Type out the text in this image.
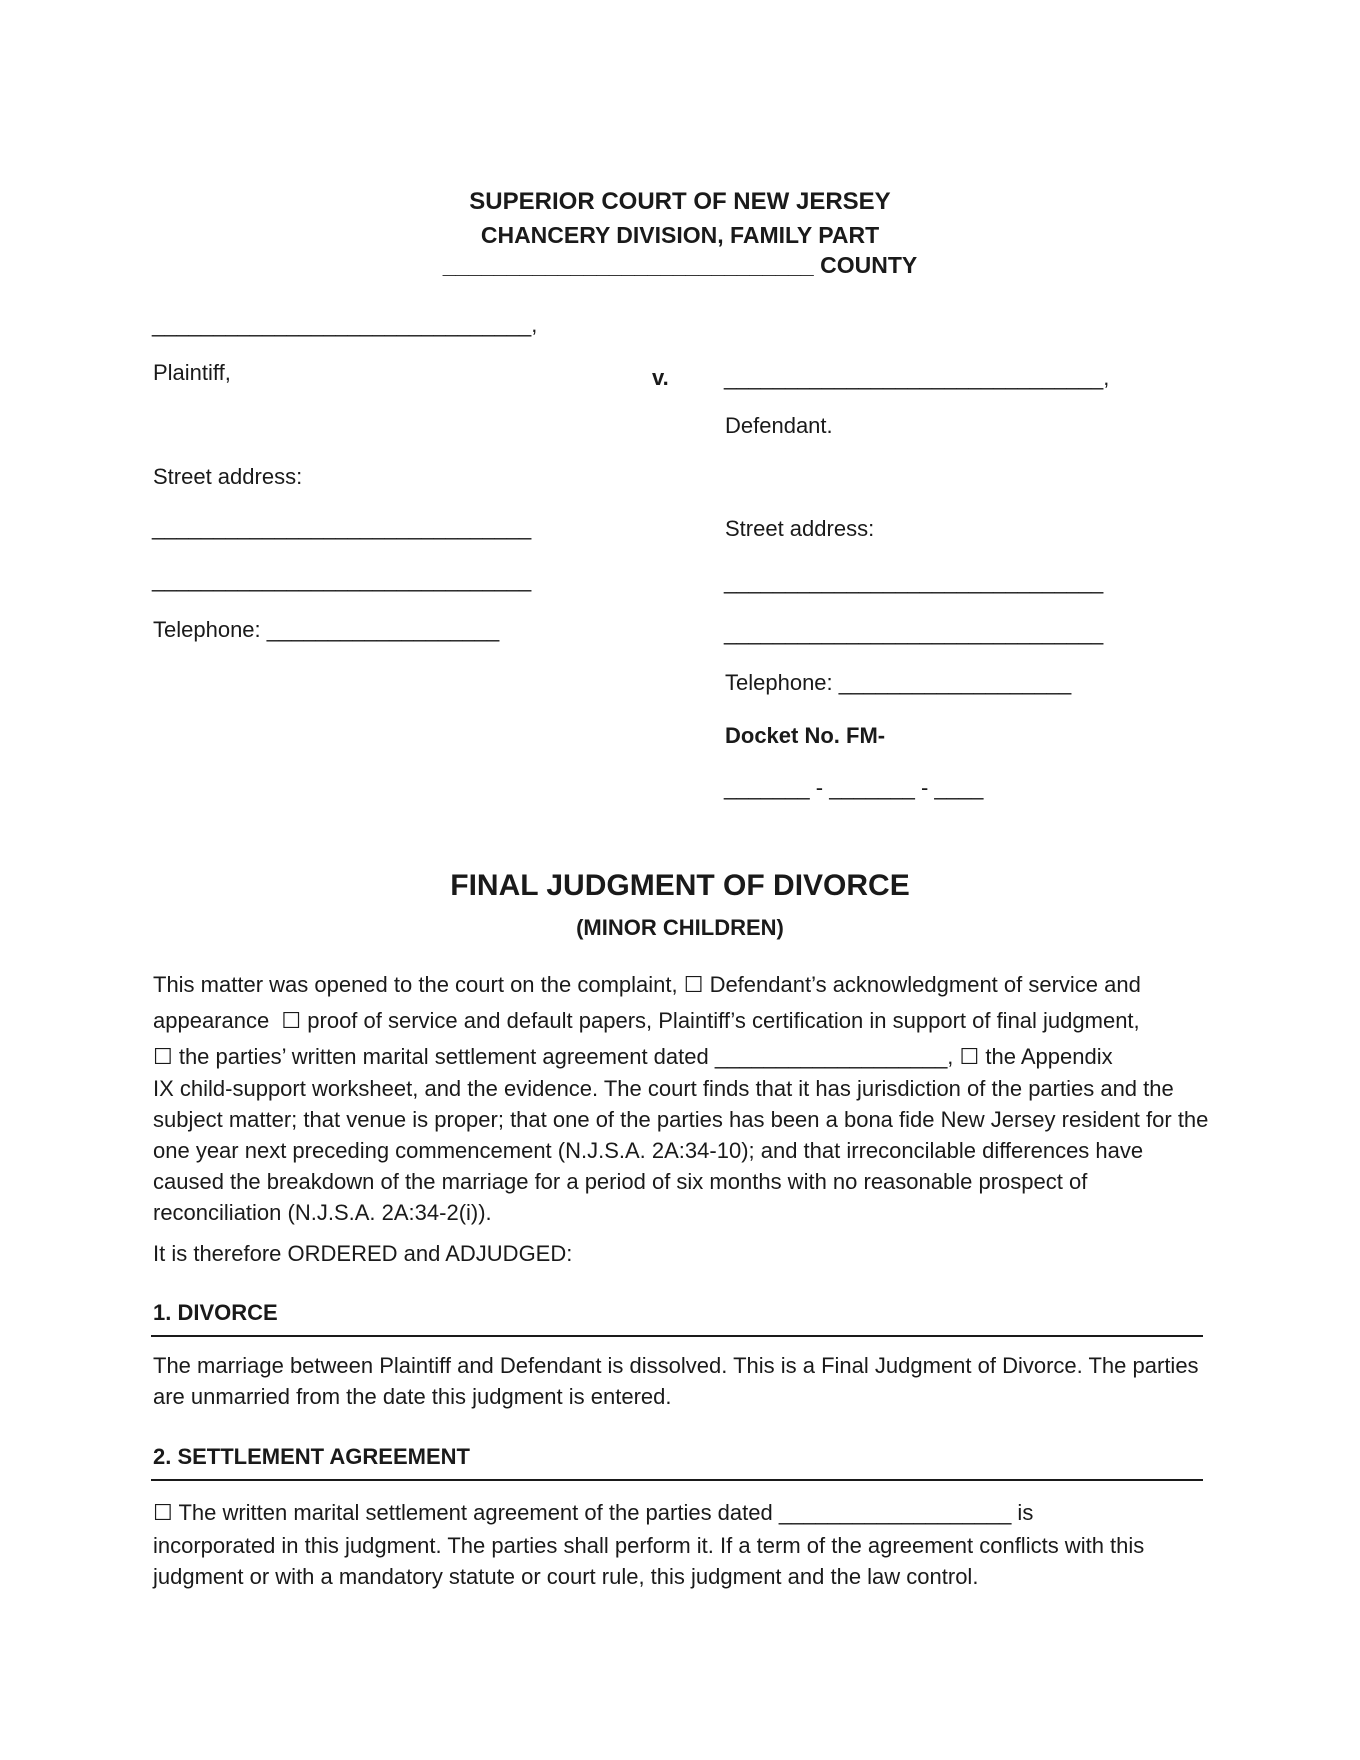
SUPERIOR COURT OF NEW JERSEY
CHANCERY DIVISION, FAMILY PART
_____________________________ COUNTY
_______________________________,
Plaintiff,
Street address:
_______________________________
_______________________________
Telephone: ___________________
v.	_______________________________,
Defendant.
Street address:
_______________________________
_______________________________
Telephone: ___________________
Docket No. FM-
_______ - _______ - ____
FINAL JUDGMENT OF DIVORCE
(MINOR CHILDREN)
This matter was opened to the court on the complaint, ☐ Defendant’s acknowledgment of service and
appearance  ☐ proof of service and default papers, Plaintiff’s certification in support of final judgment,
☐ the parties’ written marital settlement agreement dated ___________________, ☐ the Appendix
IX child-support worksheet, and the evidence. The court finds that it has jurisdiction of the parties and the subject matter; that venue is proper; that one of the parties has been a bona fide New Jersey resident for the one year next preceding commencement (N.J.S.A. 2A:34-10); and that irreconcilable differences have caused the breakdown of the marriage for a period of six months with no reasonable prospect of reconciliation (N.J.S.A. 2A:34-2(i)).
It is therefore ORDERED and ADJUDGED:
1. DIVORCE
The marriage between Plaintiff and Defendant is dissolved. This is a Final Judgment of Divorce. The parties are unmarried from the date this judgment is entered.
2. SETTLEMENT AGREEMENT
☐ The written marital settlement agreement of the parties dated ___________________ is
incorporated in this judgment. The parties shall perform it. If a term of the agreement conflicts with this judgment or with a mandatory statute or court rule, this judgment and the law control.
